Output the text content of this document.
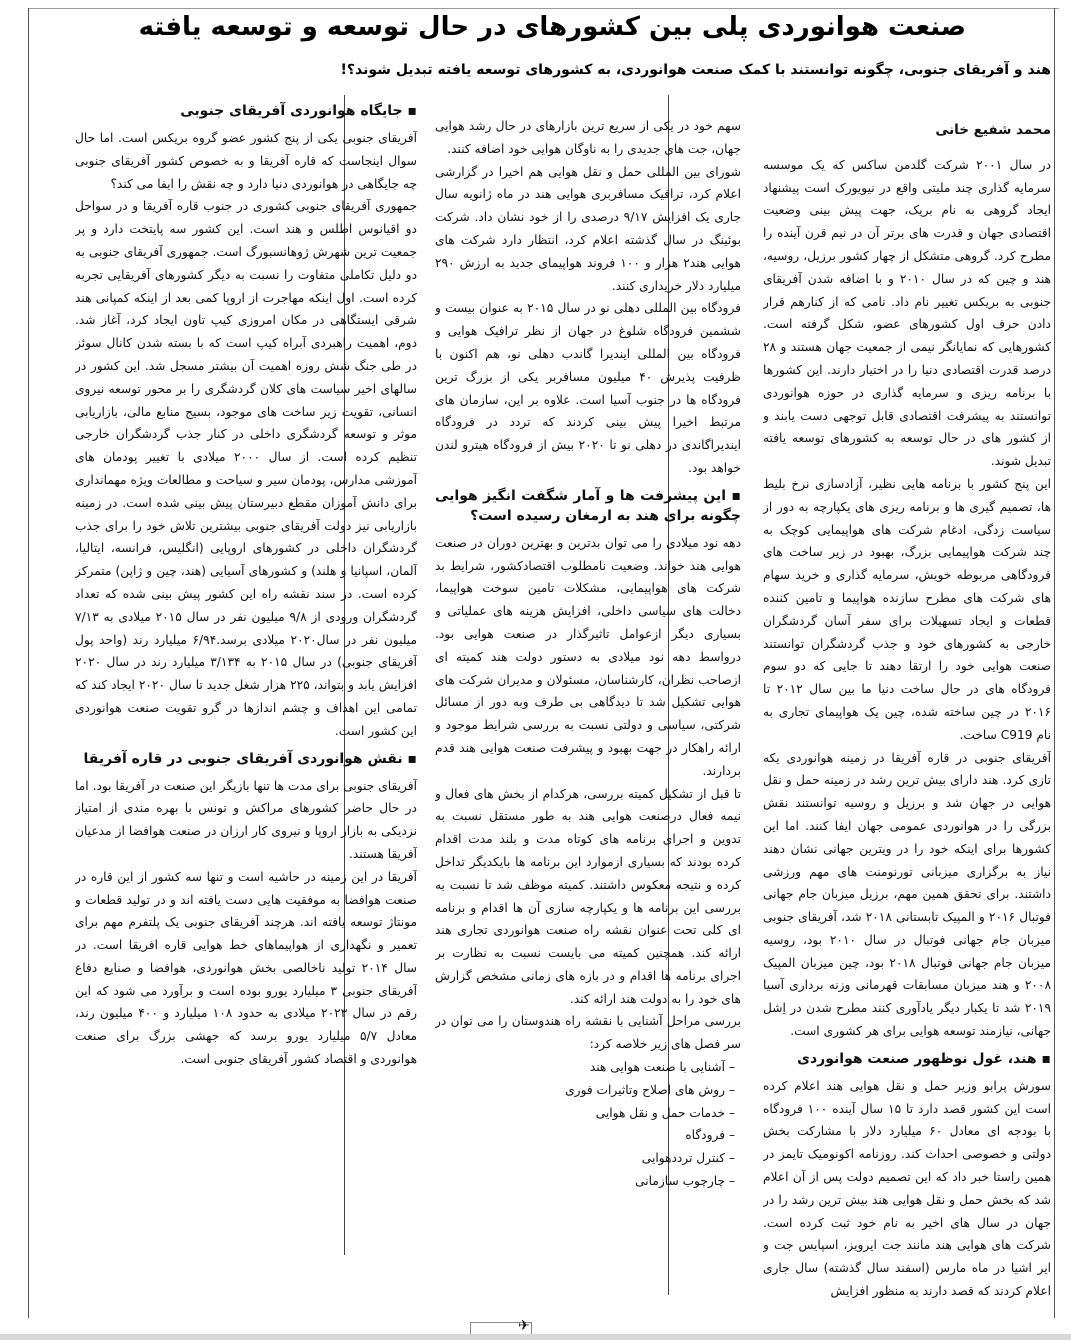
صنعت هوانوردی پلی بین کشورهای در حال توسعه و توسعه یافته
هند و آفریقای جنوبی، چگونه توانستند با کمک صنعت هوانوردی، به کشورهای توسعه یافته تبدیل شوند؟!
محمد شفیع خانی

در سال ۲۰۰۱ شرکت گلدمن ساکس که یک موسسه سرمایه گذاری چند ملیتی واقع در نیویورک است پیشنهاد ایجاد گروهی به نام بریک، جهت پیش بینی وضعیت اقتصادی جهان و قدرت های برتر آن در نیم قرن آینده را مطرح کرد. گروهی متشکل از چهار کشور برزیل، روسیه، هند و چین که در سال ۲۰۱۰ و با اضافه شدن آفریقای جنوبی به بریکس تغییر نام داد. نامی که از کنارهم قرار دادن حرف اول کشورهای عضو، شکل گرفته است. کشورهایی که نمایانگر نیمی از جمعیت جهان هستند و ۲۸ درصد قدرت اقتصادی دنیا را در اختیار دارند. این کشورها با برنامه ریزی و سرمایه گذاری در حوزه هوانوردی توانستند به پیشرفت اقتصادی قابل توجهی دست یابند و از کشور های در حال توسعه به کشورهای توسعه یافته تبدیل شوند.

این پنج کشور با برنامه هایی نظیر، آزادسازی نرخ بلیط ها، تصمیم گیری ها و برنامه ریزی های یکپارچه به دور از سیاست زدگی، ادغام شرکت های هواپیمایی کوچک به چند شرکت هواپیمایی بزرگ، بهبود در زیر ساخت های فرودگاهی مربوطه خویش، سرمایه گذاری و خرید سهام های شرکت های مطرح سازنده هواپیما و تامین کننده قطعات و ایجاد تسهیلات برای سفر آسان گردشگران خارجی به کشورهای خود و جذب گردشگران توانستند صنعت هوایی خود را ارتقا دهند تا جایی که دو سوم فرودگاه های در حال ساخت دنیا ما بین سال ۲۰۱۲ تا ۲۰۱۶ در چین ساخته شده، چین یک هواپیمای تجاری به نام C919 ساخت.

آفریقای جنوبی در قاره آفریقا در زمینه هوانوردی یکه تازی کرد. هند دارای بیش ترین رشد در زمینه حمل و نقل هوایی در جهان شد و برزیل و روسیه توانستند نقش بزرگی را در هوانوردی عمومی جهان ایفا کنند. اما این کشورها برای اینکه خود را در ویترین جهانی نشان دهند نیاز به برگزاری میزبانی تورنومنت های مهم ورزشی داشتند. برای تحقق همین مهم، برزیل میزبان جام جهانی فوتبال ۲۰۱۶ و المپیک تابستانی ۲۰۱۸ شد، آفریقای جنوبی میزبان جام جهانی فوتبال در سال ۲۰۱۰ بود، روسیه میزبان جام جهانی فوتبال ۲۰۱۸ بود، چین میزبان المپیک ۲۰۰۸ و هند میزبان مسابقات قهرمانی وزنه برداری آسیا ۲۰۱۹ شد تا یکبار دیگر یادآوری کنند مطرح شدن در اِشل جهانی، نیازمند توسعه هوایی برای هر کشوری است.

▪ هند، غول نوظهور صنعت هوانوردی

سورش پرابو وزیر حمل و نقل هوایی هند اعلام کرده است این کشور قصد دارد تا ۱۵ سال آینده ۱۰۰ فرودگاه با بودجه ای معادل ۶۰ میلیارد دلار با مشارکت بخش دولتی و خصوصی احداث کند. روزنامه اکونومیک تایمز در همین راستا خبر داد که این تصمیم دولت پس از آن اعلام شد که بخش حمل و نقل هوایی هند بیش ترین رشد را در جهان در سال های اخیر به نام خود ثبت کرده است. شرکت های هوایی هند مانند جت ایرویز، اسپایس جت و ایر اشیا در ماه مارس (اسفند سال گذشته) سال جاری اعلام کردند که قصد دارند به منظور افزایش

سهم خود در یکی از سریع ترین بازارهای در حال رشد هوایی جهان، جت های جدیدی را به ناوگان هوایی خود اضافه کنند.

شورای بین المللی حمل و نقل هوایی هم اخیرا در گزارشی اعلام کرد، ترافیک مسافربری هوایی هند در ماه ژانویه سال جاری یک افزایش ۹/۱۷ درصدی را از خود نشان داد. شرکت بوئینگ در سال گذشته اعلام کرد، انتظار دارد شرکت های هوایی هند۲ هزار و ۱۰۰ فروند هواپیمای جدید به ارزش ۲۹۰ میلیارد دلار خریداری کنند.

فرودگاه بین المللی دهلی نو در سال ۲۰۱۵ به عنوان بیست و ششمین فرودگاه شلوغ در جهان از نظر ترافیک هوایی و فرودگاه بین المللی ایندیرا گاندب دهلی نو، هم اکنون با ظرفیت پذیرش ۴۰ میلیون مسافربر یکی از بزرگ ترین فرودگاه ها در جنوب آسیا است. علاوه بر این، سازمان های مرتبط اخیرا پیش بینی کردند که تردد در فرودگاه ایندیراگاندی در دهلی نو تا ۲۰۲۰ بیش از فرودگاه هیترو لندن خواهد بود.

▪ این پیشرفت ها و آمار شگفت انگیز هوایی چگونه برای هند به ارمغان رسیده است؟

دهه نود میلادی را می توان بدترین و بهترین دوران در صنعت هوایی هند خواند. وضعیت نامطلوب اقتصادکشور، شرایط بد شرکت های هواپیمایی، مشکلات تامین سوخت هواپیما، دخالت های سیاسی داخلی، افزایش هزینه های عملیاتی و بسیاری دیگر ازعوامل تاثیرگذار در صنعت هوایی بود. درواسط دهه نود میلادی به دستور دولت هند کمیته ای ازصاحب نظران، کارشناسان، مسئولان و مدیران شرکت های هوایی تشکیل شد تا دیدگاهی بی طرف وبه دور از مسائل شرکتی، سیاسی و دولتی نسبت به بررسی شرایط موجود و ارائه راهکار در جهت بهبود و پیشرفت صنعت هوایی هند قدم بردارند.

تا قبل از تشکیل کمیته بررسی، هرکدام از بخش های فعال و نیمه فعال درصنعت هوایی هند به طور مستقل نسبت به تدوین و اجرای برنامه های کوتاه مدت و بلند مدت اقدام کرده بودند که بسیاری ازموارد این برنامه ها بایکدیگر تداخل کرده و نتیجه معکوس داشتند. کمیته موظف شد تا نسبت به بررسی این برنامه ها و یکپارچه سازی آن ها اقدام و برنامه ای کلی تحت عنوان نقشه راه صنعت هوانوردی تجاری هند ارائه کند. همچنین کمیته می بایست نسبت به نظارت بر اجرای برنامه ها اقدام و در بازه های زمانی مشخص گزارش های خود را به دولت هند ارائه کند.

بررسی مراحل آشنایی با نقشه راه هندوستان را می توان در سر فصل های زیر خلاصه کرد:

– آشنایی با صنعت هوایی هند
– روش های اصلاح وتاثیرات فوری
– خدمات حمل و نقل هوایی
– فرودگاه
– کنترل ترددهوایی
– چارچوب سازمانی
▪ جایگاه هوانوردی آفریقای جنوبی

آفریقای جنوبی یکی از پنج کشور عضو گروه بریکس است. اما حال سوال اینجاست که قاره آفریقا و به خصوص کشور آفریقای جنوبی چه جایگاهی در هوانوردی دنیا دارد و چه نقش را ایفا می کند؟

جمهوری آفریقای جنوبی کشوری در جنوب قاره آفریقا و در سواحل دو اقیانوس اطلس و هند است. این کشور سه پایتخت دارد و پر جمعیت ترین شهرش ژوهانسبورگ است. جمهوری آفریقای جنوبی به دو دلیل تکاملی متفاوت را نسبت به دیگر کشورهای آفریقایی تجربه کرده است. اول اینکه مهاجرت از اروپا کمی بعد از اینکه کمپانی هند شرقی ایستگاهی در مکان امروزی کیپ تاون ایجاد کرد، آغاز شد. دوم، اهمیت راهبردی آبراه کیپ است که با بسته شدن کانال سوئز در طی جنگ شش روزه اهمیت آن بیشتر مسجل شد. این کشور در سالهای اخیر سیاست های کلان گردشگری را بر محور توسعه نیروی انسانی، تقویت زیر ساخت های موجود، بسیج منابع مالی، بازاریابی موثر و توسعه گردشگری داخلی در کنار جذب گردشگران خارجی تنظیم کرده است. از سال ۲۰۰۰ میلادی با تغییر پودمان های آموزشی مدارس، پودمان سیر و سیاحت و مطالعات ویژه مهمانداری برای دانش آموزان مقطع دبیرستان پیش بینی شده است. در زمینه بازاریابی نیز دولت آفریقای جنوبی بیشترین تلاش خود را برای جذب گردشگران داخلی در کشورهای اروپایی (انگلیس، فرانسه، ایتالیا، آلمان، اسپانیا و هلند) و کشورهای آسیایی (هند، چین و ژاپن) متمرکز کرده است. در سند نقشه راه این کشور پیش بینی شده که تعداد گردشگران ورودی از ۹/۸ میلیون نفر در سال ۲۰۱۵ میلادی به ۷/۱۳ میلیون نفر در سال۲۰۲۰ میلادی برسد.۶/۹۴ میلیارد رند (واحد پول آفریقای جنوبی) در سال ۲۰۱۵ به ۳/۱۳۴ میلیارد رند در سال ۲۰۲۰ افزایش یابد و بتواند، ۲۲۵ هزار شغل جدید تا سال ۲۰۲۰ ایجاد کند که تمامی این اهداف و چشم اندازها در گرو تقویت صنعت هوانوردی این کشور است.

▪ نقش هوانوردی آفریقای جنوبی در قاره آفریقا

آفریقای جنوبی برای مدت ها تنها بازیگر این صنعت در آفریقا بود. اما در حال حاضر کشورهای مراکش و تونس با بهره مندی از امتیاز نزدیکی به بازار اروپا و نیروی کار ارزان در صنعت هوافضا از مدعیان آفریقا هستند.

آفریقا در این زمینه در حاشیه است و تنها سه کشور از این قاره در صنعت هوافضا به موفقیت هایی دست یافته اند و در تولید قطعات و مونتاژ توسعه یافته اند. هرچند آفریقای جنوبی یک پلتفرم مهم برای تعمیر و نگهداری از هواپیماهای خط هوایی قاره افریقا است. در سال ۲۰۱۴ تولید ناخالصی بخش هوانوردی، هوافضا و صنایع دفاع آفریقای جنوبی ۳ میلیارد یورو بوده است و برآورد می شود که این رقم در سال ۲۰۲۳ میلادی به حدود ۱۰۸ میلیارد و ۴۰۰ میلیون رند، معادل ۵/۷ میلیارد یورو برسد که جهشی بزرگ برای صنعت هوانوردی و اقتصاد کشور آفریقای جنوبی است.

✈
